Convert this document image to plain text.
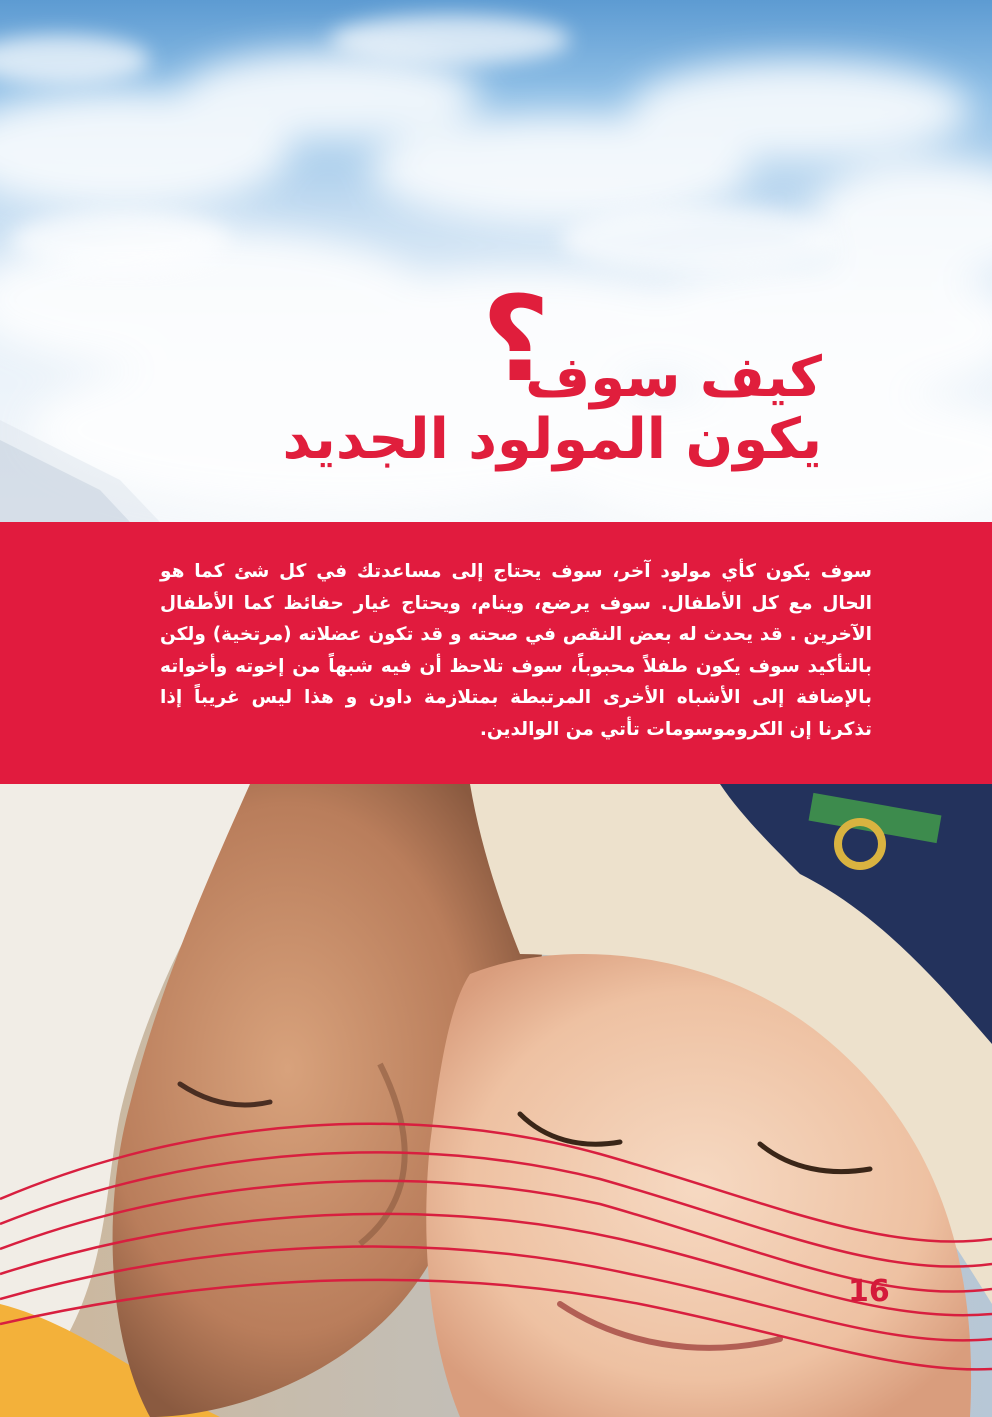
؟
كيف سوف
يكون المولود الجديد

سوف يكون كأي مولود آخر، سوف يحتاج إلى مساعدتك في كل شئ كما هو الحال مع كل الأطفال. سوف يرضع، وينام، ويحتاج غيار حفائظ كما الأطفال الآخرين . قد يحدث له بعض النقص في صحته و قد تكون عضلاته (مرتخية) ولكن بالتأكيد سوف يكون طفلاً محبوباً، سوف تلاحظ أن فيه شبهاً من إخوته وأخواته بالإضافة إلى الأشباه الأخرى المرتبطة بمتلازمة داون و هذا ليس غريباً إذا تذكرنا إن الكروموسومات تأتي من الوالدين.

16
